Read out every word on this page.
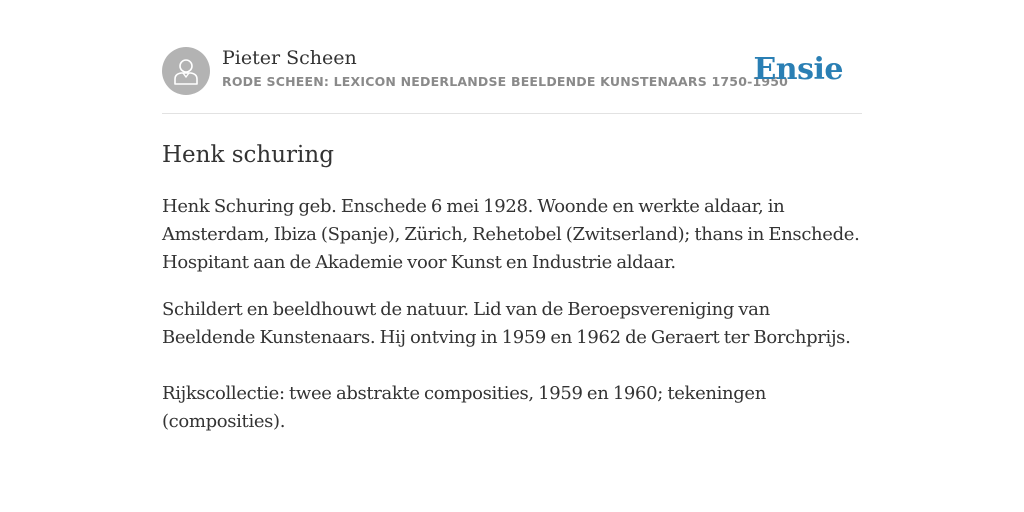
Pieter Scheen
RODE SCHEEN: LEXICON NEDERLANDSE BEELDENDE KUNSTENAARS 1750-1950
Ensie
Henk schuring

Henk Schuring geb. Enschede 6 mei 1928. Woonde en werkte aldaar, in Amsterdam, Ibiza (Spanje), Zürich, Rehetobel (Zwitserland); thans in Enschede. Hospitant aan de Akademie voor Kunst en Industrie aldaar.

Schildert en beeldhouwt de natuur. Lid van de Beroepsvereniging van Beeldende Kunstenaars. Hij ontving in 1959 en 1962 de Geraert ter Borchprijs.

Rijkscollectie: twee abstrakte composities, 1959 en 1960; tekeningen (composities).
